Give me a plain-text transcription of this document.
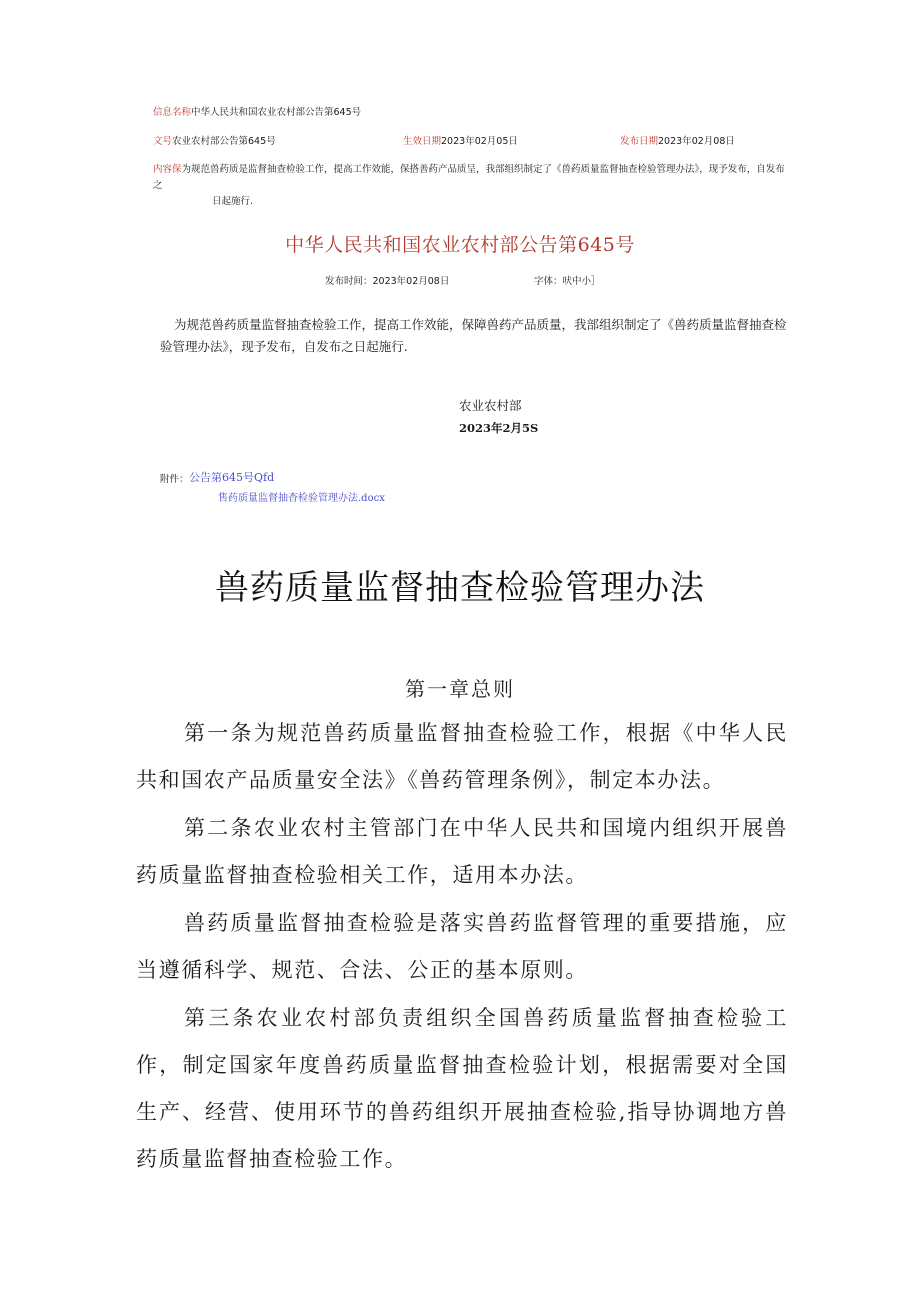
信息名称中华人民共和国农业农村部公告第645号
文号农业农村部公告第645号	生效日期2023年02月05日	发布日期2023年02月08日
内容保为规范兽药质是监督抽查检验工作，提高工作效能，保搭善药产品质呈，我部组织制定了《兽药质量监督抽查检验管理办法》，现予发布，自发布之
日起施行.
中华人民共和国农业农村部公告第645号
发布时间：2023年02月08日	字体：吠中小］
为规范兽药质量监督抽查检验工作，提高工作效能，保障兽药产品质量，我部组织制定了《兽药质量监督抽查检验管理办法》，现予发布，自发布之日起施行.
农业农村部
2023年2月5S
附件： 公告第645号Qfd
售药质量监督抽杳检验管理办法.docx
兽药质量监督抽查检验管理办法
第一章总则
第一条为规范兽药质量监督抽查检验工作，根据《中华人民共和国农产品质量安全法》《兽药管理条例》，制定本办法。
第二条农业农村主管部门在中华人民共和国境内组织开展兽药质量监督抽查检验相关工作，适用本办法。
兽药质量监督抽查检验是落实兽药监督管理的重要措施，应当遵循科学、规范、合法、公正的基本原则。
第三条农业农村部负责组织全国兽药质量监督抽查检验工作，制定国家年度兽药质量监督抽查检验计划，根据需要对全国生产、经营、使用环节的兽药组织开展抽查检验,指导协调地方兽药质量监督抽查检验工作。
